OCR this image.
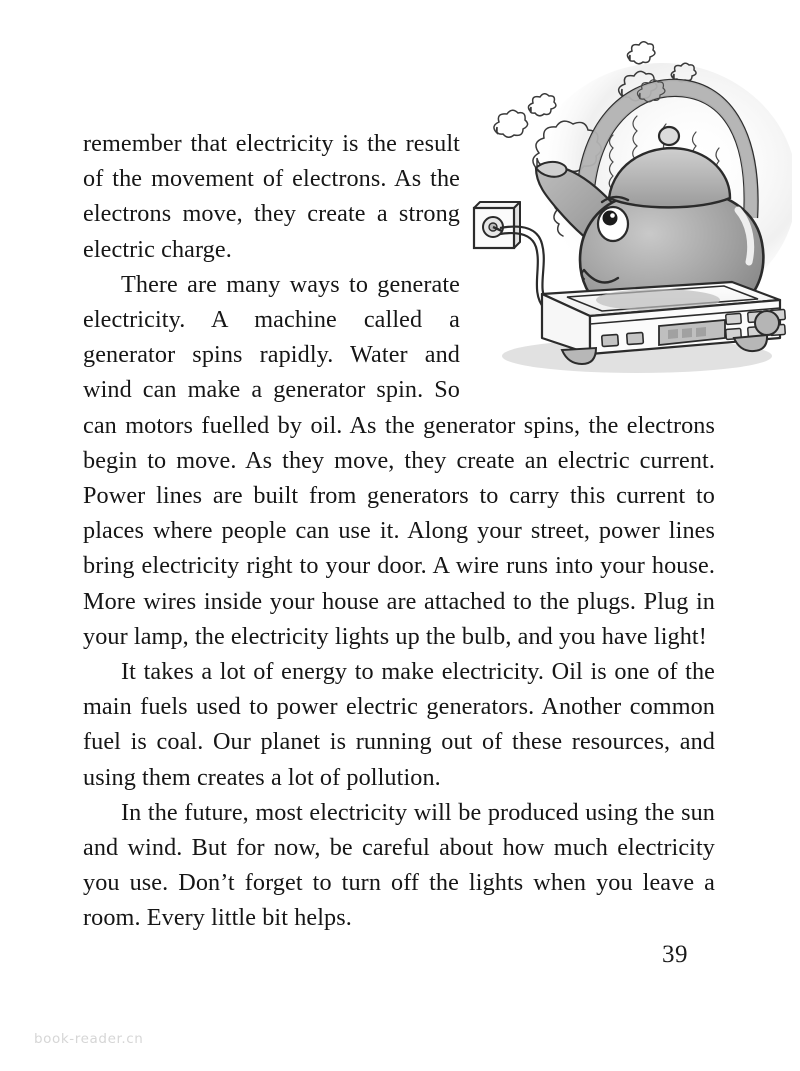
remember that electricity is the result of the movement of electrons. As the electrons move, they create a strong electric charge.

There are many ways to generate electricity. A machine called a generator spins rapidly. Water and wind can make a generator spin. So can motors fuelled by oil. As the generator spins, the electrons begin to move. As they move, they create an electric current. Power lines are built from generators to carry this current to places where people can use it. Along your street, power lines bring electricity right to your door. A wire runs into your house. More wires inside your house are attached to the plugs. Plug in your lamp, the electricity lights up the bulb, and you have light!

It takes a lot of energy to make electricity. Oil is one of the main fuels used to power electric generators. Another common fuel is coal. Our planet is running out of these resources, and using them creates a lot of pollution.

In the future, most electricity will be produced using the sun and wind. But for now, be careful about how much electricity you use. Don’t forget to turn off the lights when you leave a room. Every little bit helps.

39
book-reader.cn
